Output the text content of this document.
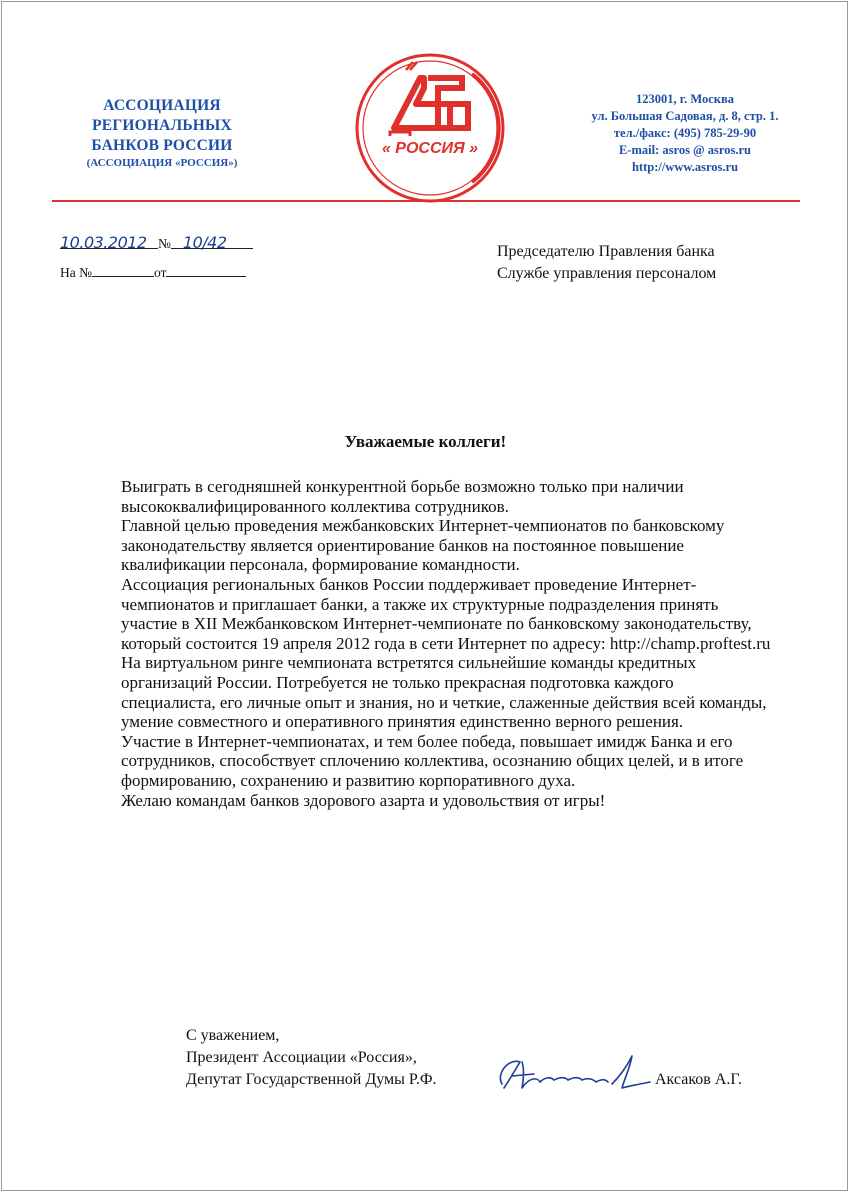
АССОЦИАЦИЯ
РЕГИОНАЛЬНЫХ
БАНКОВ РОССИИ
(АССОЦИАЦИЯ «РОССИЯ»)
« РОССИЯ »
123001, г. Москва
ул. Большая Садовая, д. 8, стр. 1.
тел./факс: (495) 785-29-90
E-mail: asros @ asros.ru
http://www.asros.ru
10.03.2012 № 10/42
На №	от
Председателю Правления банка
Службе управления персоналом
Уважаемые коллеги!

Выиграть в сегодняшней конкурентной борьбе возможно только при наличии высококвалифицированного коллектива сотрудников.

Главной целью проведения межбанковских Интернет-чемпионатов по банковскому законодательству является ориентирование банков на постоянное повышение квалификации персонала, формирование командности.

Ассоциация региональных банков России поддерживает проведение Интернет-чемпионатов и приглашает банки, а также их структурные подразделения принять участие в XII Межбанковском Интернет-чемпионате по банковскому законодательству, который состоится 19 апреля 2012 года в сети Интернет по адресу: http://champ.proftest.ru

На виртуальном ринге чемпионата встретятся сильнейшие команды кредитных организаций России. Потребуется не только прекрасная подготовка каждого специалиста, его личные опыт и знания, но и четкие, слаженные действия всей команды, умение совместного и оперативного принятия единственно верного решения.

Участие в Интернет-чемпионатах, и тем более победа, повышает имидж Банка и его сотрудников, способствует сплочению коллектива, осознанию общих целей, и в итоге формированию, сохранению и развитию корпоративного духа.

Желаю командам банков здорового азарта и удовольствия от игры!

С уважением,
Президент Ассоциации «Россия»,
Депутат Государственной Думы Р.Ф.	Аксаков А.Г.
